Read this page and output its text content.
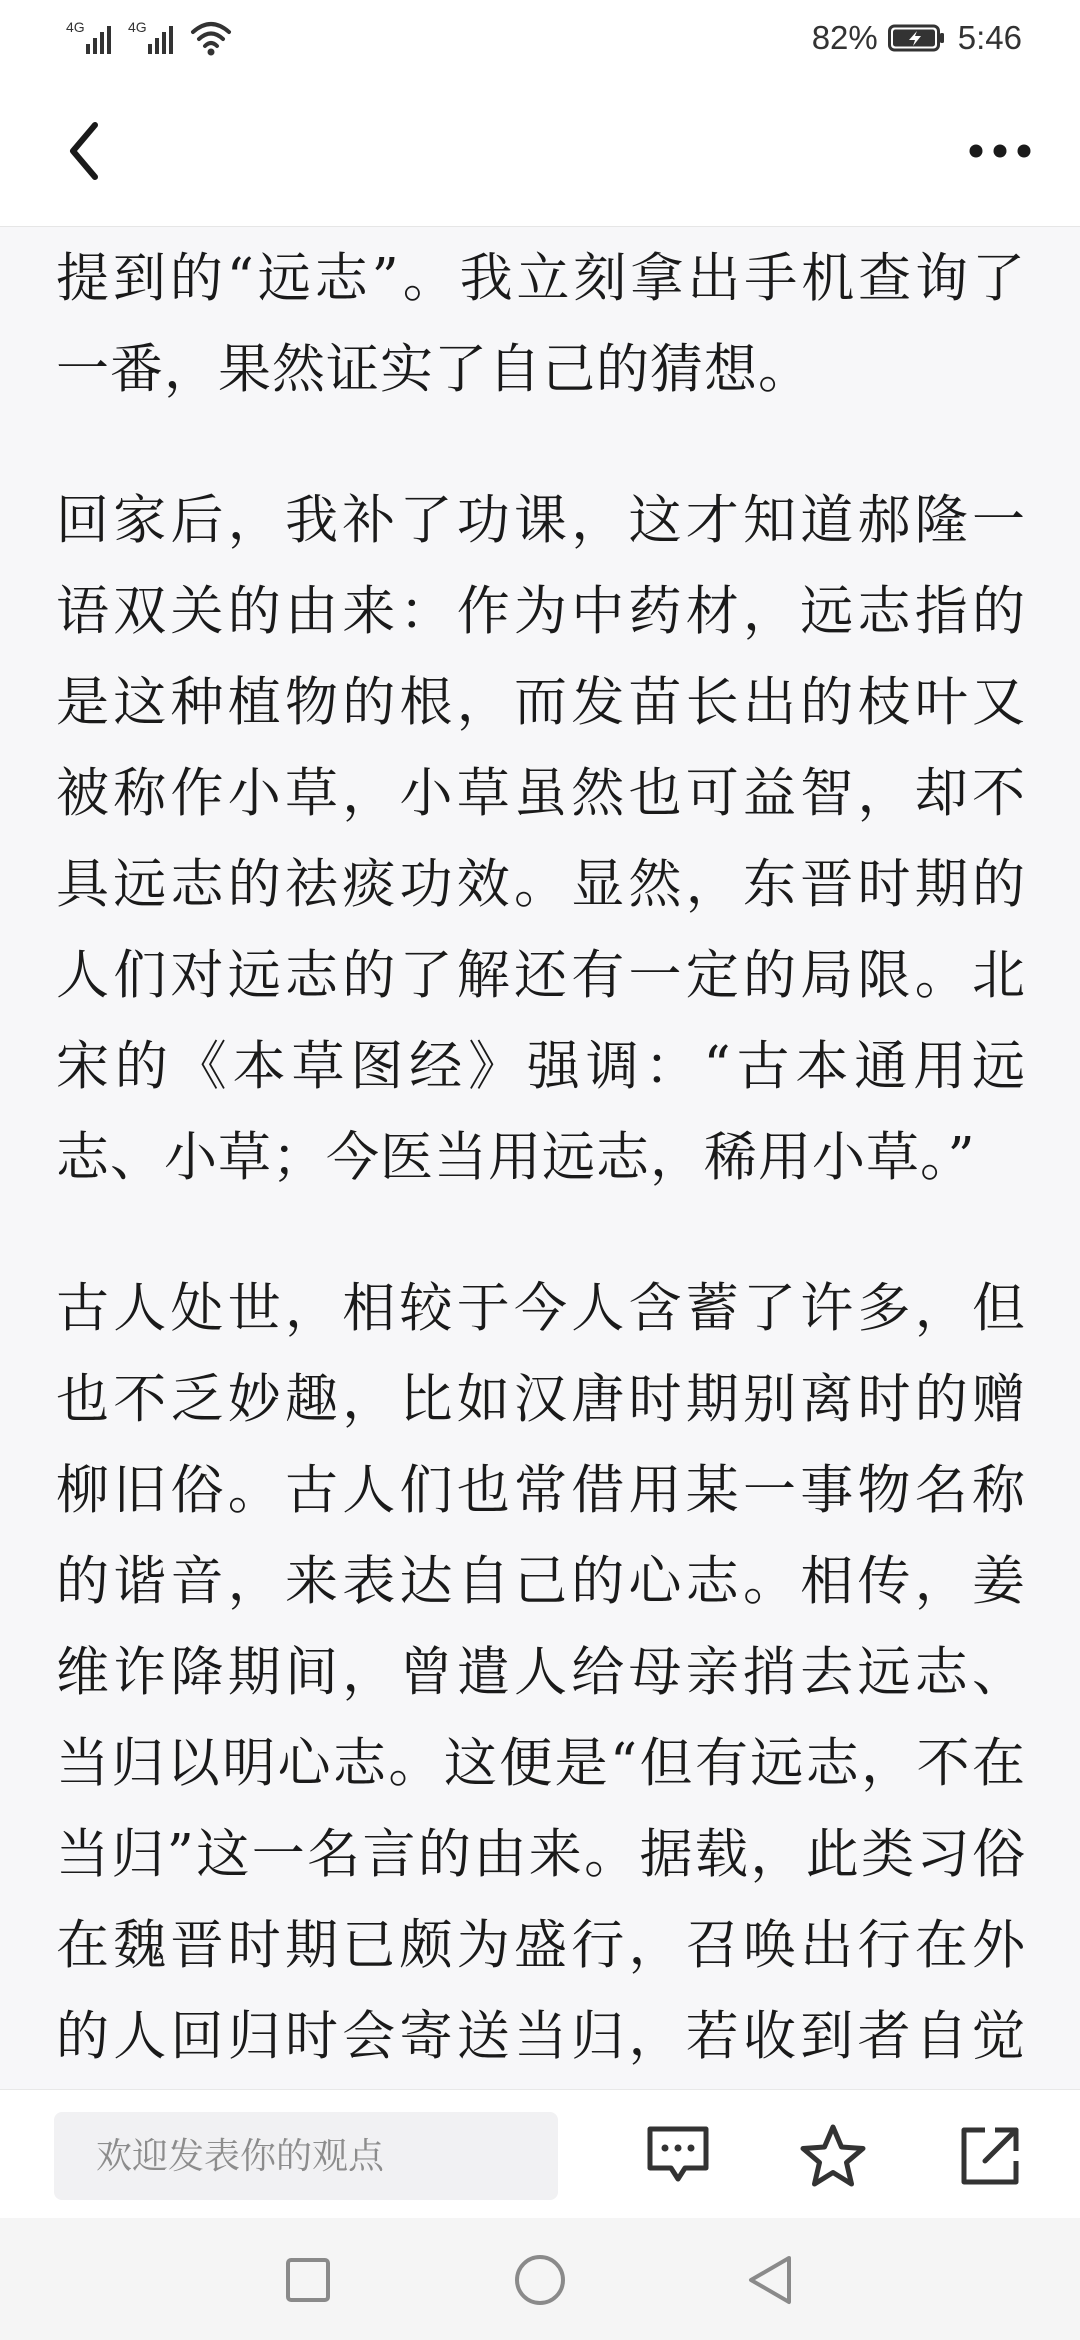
4G	4G	82% 5:46

提到的“远志”。我立刻拿出手机查询了一番，果然证实了自己的猜想。

回家后，我补了功课，这才知道郝隆一语双关的由来：作为中药材，远志指的是这种植物的根，而发苗长出的枝叶又被称作小草，小草虽然也可益智，却不具远志的祛痰功效。显然，东晋时期的人们对远志的了解还有一定的局限。北宋的《本草图经》强调：“古本通用远志、小草；今医当用远志，稀用小草。”

古人处世，相较于今人含蓄了许多，但也不乏妙趣，比如汉唐时期别离时的赠柳旧俗。古人们也常借用某一事物名称的谐音，来表达自己的心志。相传，姜维诈降期间，曾遣人给母亲捎去远志、当归以明心志。这便是“但有远志，不在当归”这一名言的由来。据载，此类习俗在魏晋时期已颇为盛行，召唤出行在外的人回归时会寄送当归，若收到者自觉

欢迎发表你的观点
